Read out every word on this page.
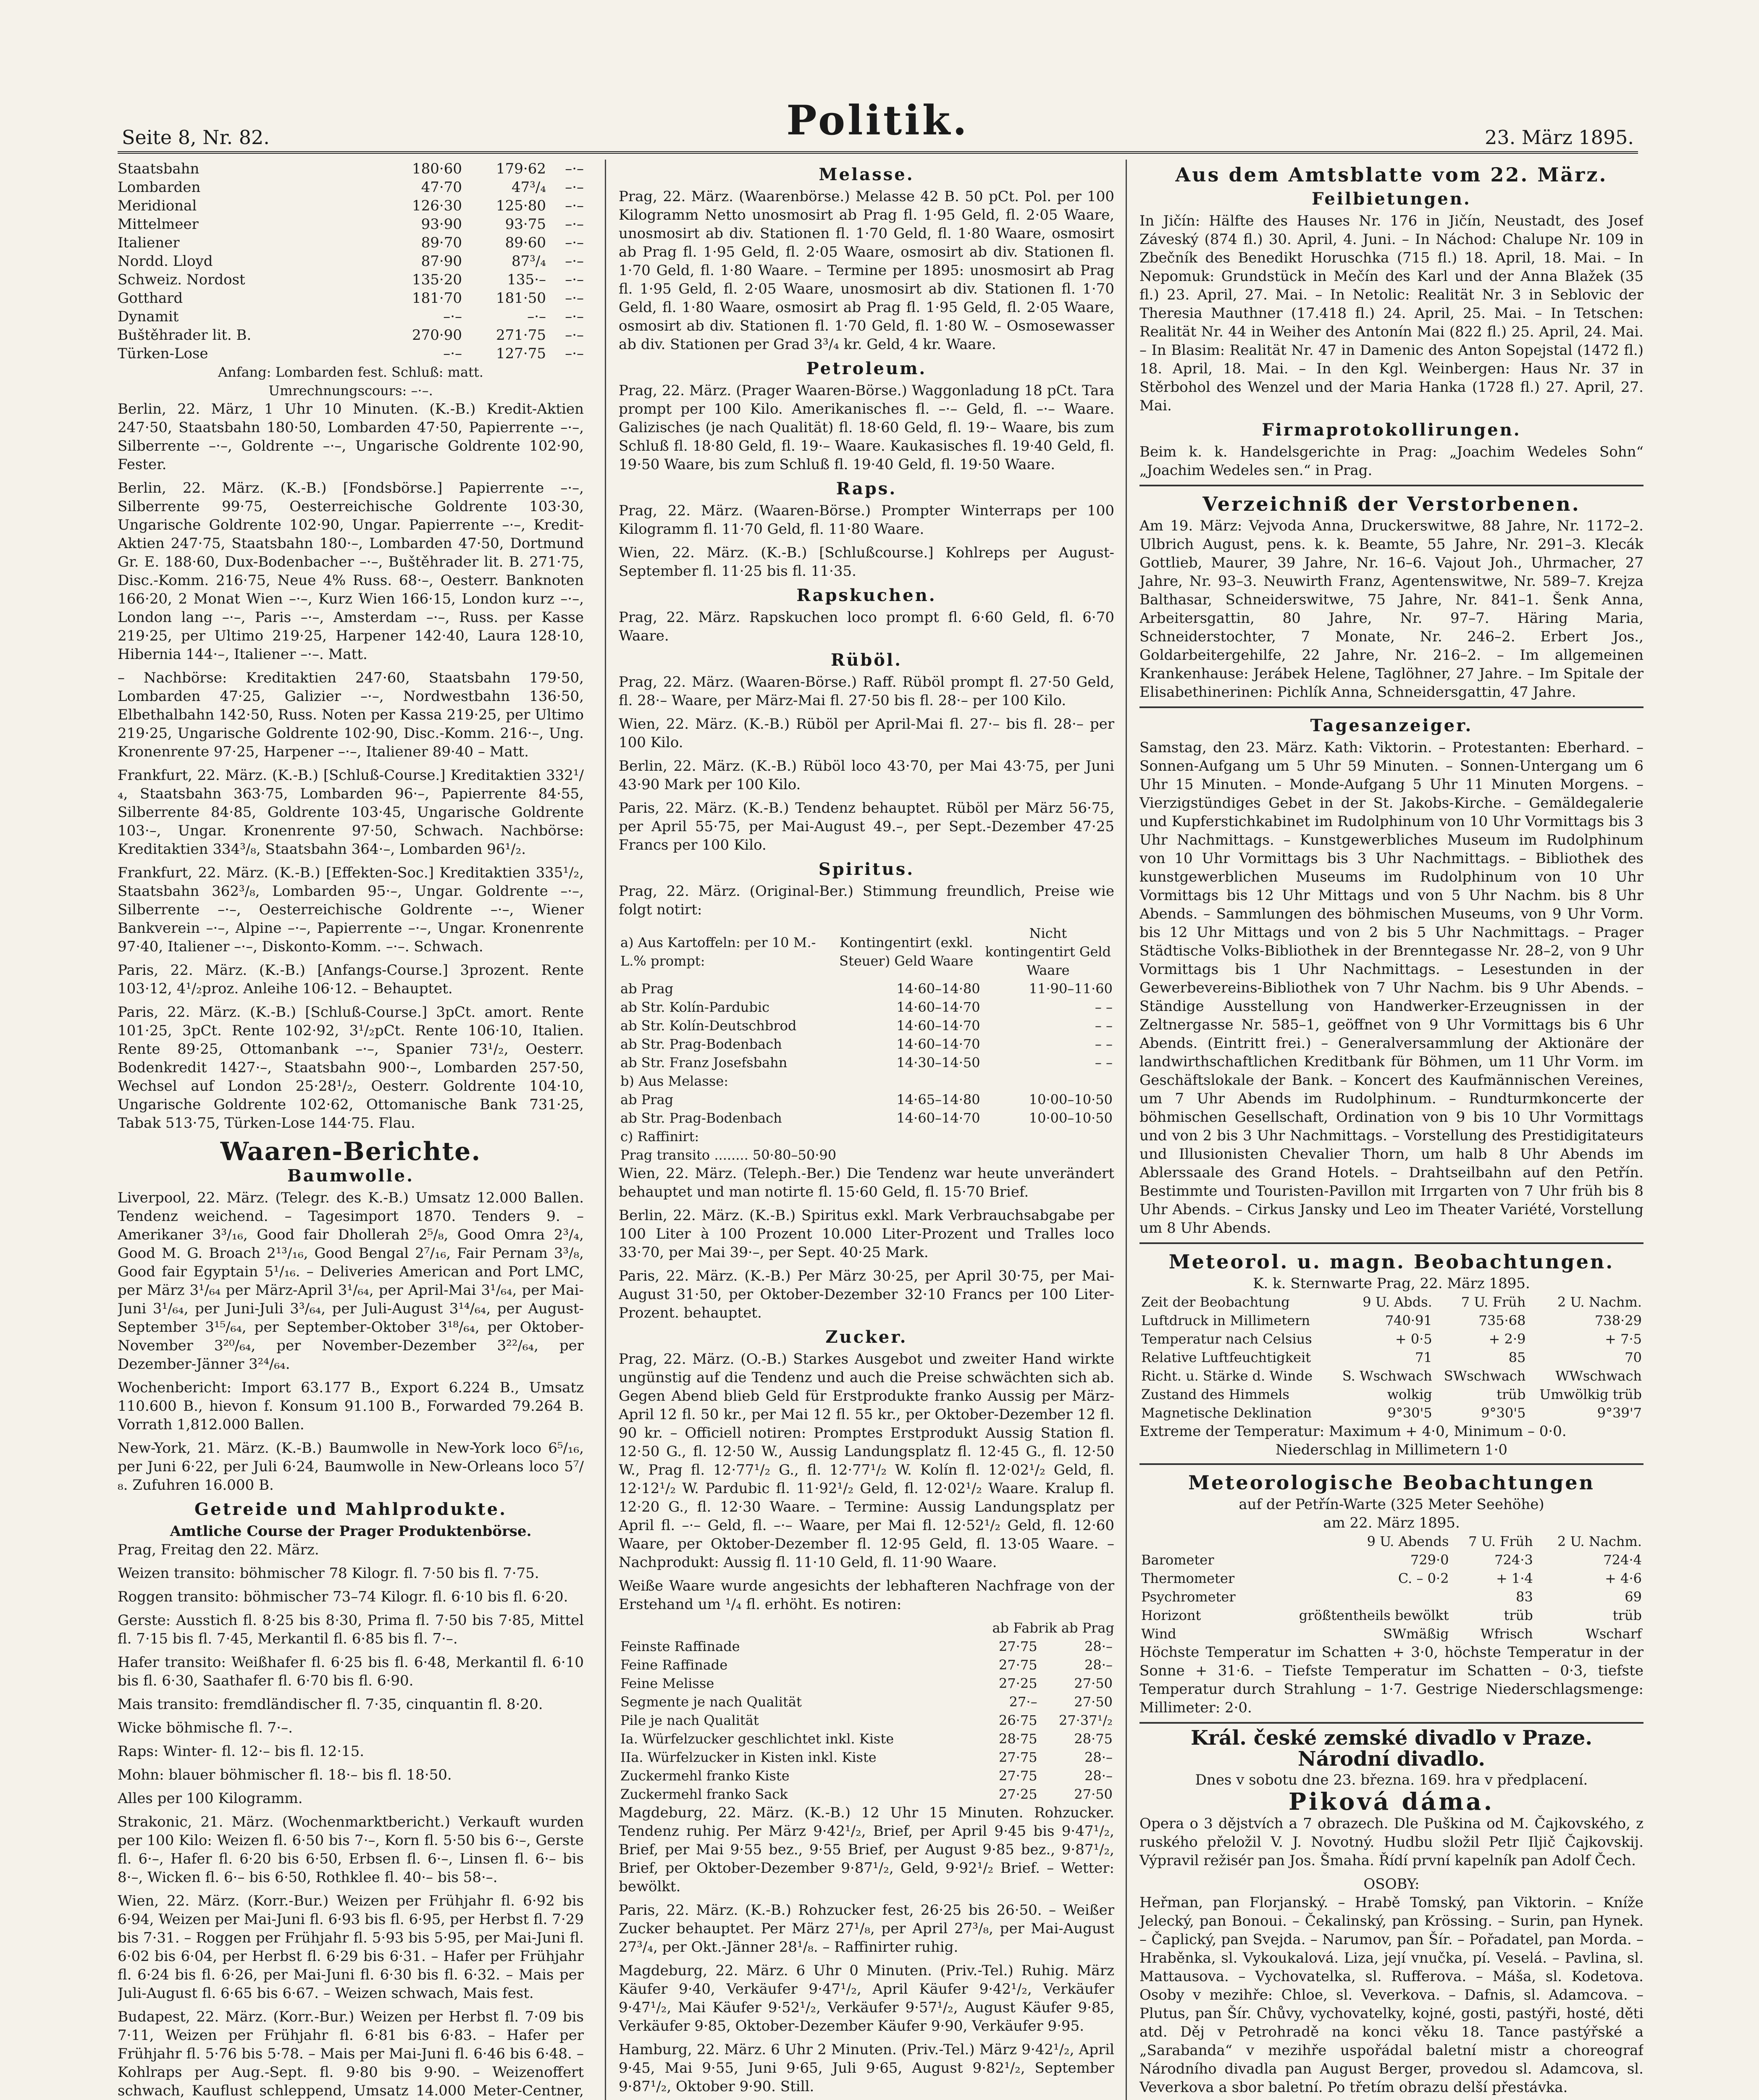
Seite 8, Nr. 82.	Politik.	23. März 1895.
Staatsbahn	180·60	179·62	–·–
Lombarden	47·70	47³/₄	–·–
Meridional	126·30	125·80	–·–
Mittelmeer	93·90	93·75	–·–
Italiener	89·70	89·60	–·–
Nordd. Lloyd	87·90	87³/₄	–·–
Schweiz. Nordost	135·20	135·–	–·–
Gotthard	181·70	181·50	–·–
Dynamit	–·–	–·–	–·–
Buštěhrader lit. B.	270·90	271·75	–·–
Türken-Lose	–·–	127·75	–·–
Anfang: Lombarden fest. Schluß: matt.
Umrechnungscours: –·–.

Berlin, 22. März, 1 Uhr 10 Minuten. (K.-B.) Kredit-Aktien 247·50, Staatsbahn 180·50, Lombarden 47·50, Papierrente –·–, Silberrente –·–, Goldrente –·–, Ungarische Goldrente 102·90, Fester.

Berlin, 22. März. (K.-B.) [Fondsbörse.] Papierrente –·–, Silberrente 99·75, Oesterreichische Goldrente 103·30, Ungarische Goldrente 102·90, Ungar. Papierrente –·–, Kredit-Aktien 247·75, Staatsbahn 180·–, Lombarden 47·50, Dortmund Gr. E. 188·60, Dux-Bodenbacher –·–, Buštěhrader lit. B. 271·75, Disc.-Komm. 216·75, Neue 4% Russ. 68·–, Oesterr. Banknoten 166·20, 2 Monat Wien –·–, Kurz Wien 166·15, London kurz –·–, London lang –·–, Paris –·–, Amsterdam –·–, Russ. per Kasse 219·25, per Ultimo 219·25, Harpener 142·40, Laura 128·10, Hibernia 144·–, Italiener –·–. Matt.

– Nachbörse: Kreditaktien 247·60, Staatsbahn 179·50, Lombarden 47·25, Galizier –·–, Nordwestbahn 136·50, Elbethalbahn 142·50, Russ. Noten per Kassa 219·25, per Ultimo 219·25, Ungarische Goldrente 102·90, Disc.-Komm. 216·–, Ung. Kronenrente 97·25, Harpener –·–, Italiener 89·40 – Matt.

Frankfurt, 22. März. (K.-B.) [Schluß-Course.] Kreditaktien 332¹/₄, Staatsbahn 363·75, Lombarden 96·–, Papierrente 84·55, Silberrente 84·85, Goldrente 103·45, Ungarische Goldrente 103·–, Ungar. Kronenrente 97·50, Schwach. Nachbörse: Kreditaktien 334³/₈, Staatsbahn 364·–, Lombarden 96¹/₂.

Frankfurt, 22. März. (K.-B.) [Effekten-Soc.] Kreditaktien 335¹/₂, Staatsbahn 362³/₈, Lombarden 95·–, Ungar. Goldrente –·–, Silberrente –·–, Oesterreichische Goldrente –·–, Wiener Bankverein –·–, Alpine –·–, Papierrente –·–, Ungar. Kronenrente 97·40, Italiener –·–, Diskonto-Komm. –·–. Schwach.

Paris, 22. März. (K.-B.) [Anfangs-Course.] 3prozent. Rente 103·12, 4¹/₂proz. Anleihe 106·12. – Behauptet.

Paris, 22. März. (K.-B.) [Schluß-Course.] 3pCt. amort. Rente 101·25, 3pCt. Rente 102·92, 3¹/₂pCt. Rente 106·10, Italien. Rente 89·25, Ottomanbank –·–, Spanier 73¹/₂, Oesterr. Bodenkredit 1427·–, Staatsbahn 900·–, Lombarden 257·50, Wechsel auf London 25·28¹/₂, Oesterr. Goldrente 104·10, Ungarische Goldrente 102·62, Ottomanische Bank 731·25, Tabak 513·75, Türken-Lose 144·75. Flau.

Waaren-Berichte.
Baumwolle.

Liverpool, 22. März. (Telegr. des K.-B.) Umsatz 12.000 Ballen. Tendenz weichend. – Tagesimport 1870. Tenders 9. – Amerikaner 3³/₁₆, Good fair Dhollerah 2⁵/₈, Good Omra 2³/₄, Good M. G. Broach 2¹³/₁₆, Good Bengal 2⁷/₁₆, Fair Pernam 3³/₈, Good fair Egyptain 5¹/₁₆. – Deliveries American and Port LMC, per März 3¹/₆₄ per März-April 3¹/₆₄, per April-Mai 3¹/₆₄, per Mai-Juni 3¹/₆₄, per Juni-Juli 3³/₆₄, per Juli-August 3¹⁴/₆₄, per August-September 3¹⁵/₆₄, per September-Oktober 3¹⁸/₆₄, per Oktober-November 3²⁰/₆₄, per November-Dezember 3²²/₆₄, per Dezember-Jänner 3²⁴/₆₄.

Wochenbericht: Import 63.177 B., Export 6.224 B., Umsatz 110.600 B., hievon f. Konsum 91.100 B., Forwarded 79.264 B. Vorrath 1,812.000 Ballen.

New-York, 21. März. (K.-B.) Baumwolle in New-York loco 6⁵/₁₆, per Juni 6·22, per Juli 6·24, Baumwolle in New-Orleans loco 5⁷/₈. Zufuhren 16.000 B.

Getreide und Mahlprodukte.
Amtliche Course der Prager Produktenbörse.

Prag, Freitag den 22. März.

Weizen transito: böhmischer 78 Kilogr. fl. 7·50 bis fl. 7·75.

Roggen transito: böhmischer 73–74 Kilogr. fl. 6·10 bis fl. 6·20.

Gerste: Ausstich fl. 8·25 bis 8·30, Prima fl. 7·50 bis 7·85, Mittel fl. 7·15 bis fl. 7·45, Merkantil fl. 6·85 bis fl. 7·–.

Hafer transito: Weißhafer fl. 6·25 bis fl. 6·48, Merkantil fl. 6·10 bis fl. 6·30, Saathafer fl. 6·70 bis fl. 6·90.

Mais transito: fremdländischer fl. 7·35, cinquantin fl. 8·20.

Wicke böhmische fl. 7·–.

Raps: Winter- fl. 12·– bis fl. 12·15.

Mohn: blauer böhmischer fl. 18·– bis fl. 18·50.

Alles per 100 Kilogramm.

Strakonic, 21. März. (Wochenmarktbericht.) Verkauft wurden per 100 Kilo: Weizen fl. 6·50 bis 7·–, Korn fl. 5·50 bis 6·–, Gerste fl. 6·–, Hafer fl. 6·20 bis 6·50, Erbsen fl. 6·–, Linsen fl. 6·– bis 8·–, Wicken fl. 6·– bis 6·50, Rothklee fl. 40·– bis 58·–.

Wien, 22. März. (Korr.-Bur.) Weizen per Frühjahr fl. 6·92 bis 6·94, Weizen per Mai-Juni fl. 6·93 bis fl. 6·95, per Herbst fl. 7·29 bis 7·31. – Roggen per Frühjahr fl. 5·93 bis 5·95, per Mai-Juni fl. 6·02 bis 6·04, per Herbst fl. 6·29 bis 6·31. – Hafer per Frühjahr fl. 6·24 bis fl. 6·26, per Mai-Juni fl. 6·30 bis fl. 6·32. – Mais per Juli-August fl. 6·65 bis 6·67. – Weizen schwach, Mais fest.

Budapest, 22. März. (Korr.-Bur.) Weizen per Herbst fl. 7·09 bis 7·11, Weizen per Frühjahr fl. 6·81 bis 6·83. – Hafer per Frühjahr fl. 5·76 bis 5·78. – Mais per Mai-Juni fl. 6·46 bis 6·48. – Kohlraps per Aug.-Sept. fl. 9·80 bis 9·90. – Weizenoffert schwach, Kauflust schleppend, Umsatz 14.000 Meter-Centner,

Melasse.

Prag, 22. März. (Waarenbörse.) Melasse 42 B. 50 pCt. Pol. per 100 Kilogramm Netto unosmosirt ab Prag fl. 1·95 Geld, fl. 2·05 Waare, unosmosirt ab div. Stationen fl. 1·70 Geld, fl. 1·80 Waare, osmosirt ab Prag fl. 1·95 Geld, fl. 2·05 Waare, osmosirt ab div. Stationen fl. 1·70 Geld, fl. 1·80 Waare. – Termine per 1895: unosmosirt ab Prag fl. 1·95 Geld, fl. 2·05 Waare, unosmosirt ab div. Stationen fl. 1·70 Geld, fl. 1·80 Waare, osmosirt ab Prag fl. 1·95 Geld, fl. 2·05 Waare, osmosirt ab div. Stationen fl. 1·70 Geld, fl. 1·80 W. – Osmosewasser ab div. Stationen per Grad 3³/₄ kr. Geld, 4 kr. Waare.

Petroleum.

Prag, 22. März. (Prager Waaren-Börse.) Waggonladung 18 pCt. Tara prompt per 100 Kilo. Amerikanisches fl. –·– Geld, fl. –·– Waare. Galizisches (je nach Qualität) fl. 18·60 Geld, fl. 19·– Waare, bis zum Schluß fl. 18·80 Geld, fl. 19·– Waare. Kaukasisches fl. 19·40 Geld, fl. 19·50 Waare, bis zum Schluß fl. 19·40 Geld, fl. 19·50 Waare.

Raps.

Prag, 22. März. (Waaren-Börse.) Prompter Winterraps per 100 Kilogramm fl. 11·70 Geld, fl. 11·80 Waare.

Wien, 22. März. (K.-B.) [Schlußcourse.] Kohlreps per August-September fl. 11·25 bis fl. 11·35.

Rapskuchen.

Prag, 22. März. Rapskuchen loco prompt fl. 6·60 Geld, fl. 6·70 Waare.

Rüböl.

Prag, 22. März. (Waaren-Börse.) Raff. Rüböl prompt fl. 27·50 Geld, fl. 28·– Waare, per März-Mai fl. 27·50 bis fl. 28·– per 100 Kilo.

Wien, 22. März. (K.-B.) Rüböl per April-Mai fl. 27·– bis fl. 28·– per 100 Kilo.

Berlin, 22. März. (K.-B.) Rüböl loco 43·70, per Mai 43·75, per Juni 43·90 Mark per 100 Kilo.

Paris, 22. März. (K.-B.) Tendenz behauptet. Rüböl per März 56·75, per April 55·75, per Mai-August 49.–, per Sept.-Dezember 47·25 Francs per 100 Kilo.

Spiritus.

Prag, 22. März. (Original-Ber.) Stimmung freundlich, Preise wie folgt notirt:

a) Aus Kartoffeln: per 10 M.-L.% prompt:	Kontingentirt (exkl. Steuer) Geld Waare	Nicht kontingentirt Geld Waare
ab Prag	14·60–14·80	11·90–11·60
ab Str. Kolín-Pardubic	14·60–14·70	– –
ab Str. Kolín-Deutschbrod	14·60–14·70	– –
ab Str. Prag-Bodenbach	14·60–14·70	– –
ab Str. Franz Josefsbahn	14·30–14·50	– –
b) Aus Melasse:		
ab Prag	14·65–14·80	10·00–10·50
ab Str. Prag-Bodenbach	14·60–14·70	10·00–10·50
c) Raffinirt:		
Prag transito ........ 50·80–50·90		

Wien, 22. März. (Teleph.-Ber.) Die Tendenz war heute unverändert behauptet und man notirte fl. 15·60 Geld, fl. 15·70 Brief.

Berlin, 22. März. (K.-B.) Spiritus exkl. Mark Verbrauchsabgabe per 100 Liter à 100 Prozent 10.000 Liter-Prozent und Tralles loco 33·70, per Mai 39·–, per Sept. 40·25 Mark.

Paris, 22. März. (K.-B.) Per März 30·25, per April 30·75, per Mai-August 31·50, per Oktober-Dezember 32·10 Francs per 100 Liter-Prozent. behauptet.

Zucker.

Prag, 22. März. (O.-B.) Starkes Ausgebot und zweiter Hand wirkte ungünstig auf die Tendenz und auch die Preise schwächten sich ab. Gegen Abend blieb Geld für Erstprodukte franko Aussig per März-April 12 fl. 50 kr., per Mai 12 fl. 55 kr., per Oktober-Dezember 12 fl. 90 kr. – Officiell notiren: Promptes Erstprodukt Aussig Station fl. 12·50 G., fl. 12·50 W., Aussig Landungsplatz fl. 12·45 G., fl. 12·50 W., Prag fl. 12·77¹/₂ G., fl. 12·77¹/₂ W. Kolín fl. 12·02¹/₂ Geld, fl. 12·12¹/₂ W. Pardubic fl. 11·92¹/₂ Geld, fl. 12·02¹/₂ Waare. Kralup fl. 12·20 G., fl. 12·30 Waare. – Termine: Aussig Landungsplatz per April fl. –·– Geld, fl. –·– Waare, per Mai fl. 12·52¹/₂ Geld, fl. 12·60 Waare, per Oktober-Dezember fl. 12·95 Geld, fl. 13·05 Waare. – Nachprodukt: Aussig fl. 11·10 Geld, fl. 11·90 Waare.

Weiße Waare wurde angesichts der lebhafteren Nachfrage von der Erstehand um ¹/₄ fl. erhöht. Es notiren:

ab Fabrik ab Prag
Feinste Raffinade	27·75	28·–
Feine Raffinade	27·75	28·–
Feine Melisse	27·25	27·50
Segmente je nach Qualität	27·–	27·50
Pile je nach Qualität	26·75	27·37¹/₂
Ia. Würfelzucker geschlichtet inkl. Kiste	28·75	28·75
IIa. Würfelzucker in Kisten inkl. Kiste	27·75	28·–
Zuckermehl franko Kiste	27·75	28·–
Zuckermehl franko Sack	27·25	27·50

Magdeburg, 22. März. (K.-B.) 12 Uhr 15 Minuten. Rohzucker. Tendenz ruhig. Per März 9·42¹/₂, Brief, per April 9·45 bis 9·47¹/₂, Brief, per Mai 9·55 bez., 9·55 Brief, per August 9·85 bez., 9·87¹/₂, Brief, per Oktober-Dezember 9·87¹/₂, Geld, 9·92¹/₂ Brief. – Wetter: bewölkt.

Paris, 22. März. (K.-B.) Rohzucker fest, 26·25 bis 26·50. – Weißer Zucker behauptet. Per März 27¹/₈, per April 27³/₈, per Mai-August 27³/₄, per Okt.-Jänner 28¹/₈. – Raffinirter ruhig.

Magdeburg, 22. März. 6 Uhr 0 Minuten. (Priv.-Tel.) Ruhig. März Käufer 9·40, Verkäufer 9·47¹/₂, April Käufer 9·42¹/₂, Verkäufer 9·47¹/₂, Mai Käufer 9·52¹/₂, Verkäufer 9·57¹/₂, August Käufer 9·85, Verkäufer 9·85, Oktober-Dezember Käufer 9·90, Verkäufer 9·95.

Hamburg, 22. März. 6 Uhr 2 Minuten. (Priv.-Tel.) März 9·42¹/₂, April 9·45, Mai 9·55, Juni 9·65, Juli 9·65, August 9·82¹/₂, September 9·87¹/₂, Oktober 9·90. Still.

Aus dem Amtsblatte vom 22. März.
Feilbietungen.

In Jičín: Hälfte des Hauses Nr. 176 in Jičín, Neustadt, des Josef Záveský (874 fl.) 30. April, 4. Juni. – In Náchod: Chalupe Nr. 109 in Zbečník des Benedikt Horuschka (715 fl.) 18. April, 18. Mai. – In Nepomuk: Grundstück in Mečín des Karl und der Anna Blažek (35 fl.) 23. April, 27. Mai. – In Netolic: Realität Nr. 3 in Seblovic der Theresia Mauthner (17.418 fl.) 24. April, 25. Mai. – In Tetschen: Realität Nr. 44 in Weiher des Antonín Mai (822 fl.) 25. April, 24. Mai. – In Blasim: Realität Nr. 47 in Damenic des Anton Sopejstal (1472 fl.) 18. April, 18. Mai. – In den Kgl. Weinbergen: Haus Nr. 37 in Stěrbohol des Wenzel und der Maria Hanka (1728 fl.) 27. April, 27. Mai.

Firmaprotokollirungen.

Beim k. k. Handelsgerichte in Prag: „Joachim Wedeles Sohn“ „Joachim Wedeles sen.“ in Prag.

Verzeichniß der Verstorbenen.

Am 19. März: Vejvoda Anna, Druckerswitwe, 88 Jahre, Nr. 1172–2. Ulbrich August, pens. k. k. Beamte, 55 Jahre, Nr. 291–3. Klecák Gottlieb, Maurer, 39 Jahre, Nr. 16–6. Vajout Joh., Uhrmacher, 27 Jahre, Nr. 93–3. Neuwirth Franz, Agentenswitwe, Nr. 589–7. Krejza Balthasar, Schneiderswitwe, 75 Jahre, Nr. 841–1. Šenk Anna, Arbeitersgattin, 80 Jahre, Nr. 97–7. Häring Maria, Schneiderstochter, 7 Monate, Nr. 246–2. Erbert Jos., Goldarbeitergehilfe, 22 Jahre, Nr. 216–2. – Im allgemeinen Krankenhause: Jerábek Helene, Taglöhner, 27 Jahre. – Im Spitale der Elisabethinerinen: Pichlík Anna, Schneidersgattin, 47 Jahre.

Tagesanzeiger.

Samstag, den 23. März. Kath: Viktorin. – Protestanten: Eberhard. – Sonnen-Aufgang um 5 Uhr 59 Minuten. – Sonnen-Untergang um 6 Uhr 15 Minuten. – Monde-Aufgang 5 Uhr 11 Minuten Morgens. – Vierzigstündiges Gebet in der St. Jakobs-Kirche. – Gemäldegalerie und Kupferstichkabinet im Rudolphinum von 10 Uhr Vormittags bis 3 Uhr Nachmittags. – Kunstgewerbliches Museum im Rudolphinum von 10 Uhr Vormittags bis 3 Uhr Nachmittags. – Bibliothek des kunstgewerblichen Museums im Rudolphinum von 10 Uhr Vormittags bis 12 Uhr Mittags und von 5 Uhr Nachm. bis 8 Uhr Abends. – Sammlungen des böhmischen Museums, von 9 Uhr Vorm. bis 12 Uhr Mittags und von 2 bis 5 Uhr Nachmittags. – Prager Städtische Volks-Bibliothek in der Brenntegasse Nr. 28–2, von 9 Uhr Vormittags bis 1 Uhr Nachmittags. – Lesestunden in der Gewerbevereins-Bibliothek von 7 Uhr Nachm. bis 9 Uhr Abends. – Ständige Ausstellung von Handwerker-Erzeugnissen in der Zeltnergasse Nr. 585–1, geöffnet von 9 Uhr Vormittags bis 6 Uhr Abends. (Eintritt frei.) – Generalversammlung der Aktionäre der landwirthschaftlichen Kreditbank für Böhmen, um 11 Uhr Vorm. im Geschäftslokale der Bank. – Koncert des Kaufmännischen Vereines, um 7 Uhr Abends im Rudolphinum. – Rundturmkoncerte der böhmischen Gesellschaft, Ordination von 9 bis 10 Uhr Vormittags und von 2 bis 3 Uhr Nachmittags. – Vorstellung des Prestidigitateurs und Illusionisten Chevalier Thorn, um halb 8 Uhr Abends im Ablerssaale des Grand Hotels. – Drahtseilbahn auf den Petřín. Bestimmte und Touristen-Pavillon mit Irrgarten von 7 Uhr früh bis 8 Uhr Abends. – Cirkus Jansky und Leo im Theater Variété, Vorstellung um 8 Uhr Abends.

Meteorol. u. magn. Beobachtungen.
K. k. Sternwarte Prag, 22. März 1895.
Zeit der Beobachtung	9 U. Abds.	7 U. Früh	2 U. Nachm.
Luftdruck in Millimetern	740·91	735·68	738·29
Temperatur nach Celsius	+ 0·5	+ 2·9	+ 7·5
Relative Luftfeuchtigkeit	71	85	70
Richt. u. Stärke d. Winde	S. Wschwach	SWschwach	WWschwach
Zustand des Himmels	wolkig	trüb	Umwölkig trüb
Magnetische Deklination	9°30'5	9°30'5	9°39'7
Extreme der Temperatur: Maximum + 4·0, Minimum – 0·0.
Niederschlag in Millimetern 1·0
Meteorologische Beobachtungen
auf der Petřín-Warte (325 Meter Seehöhe)
am 22. März 1895.
	9 U. Abends	7 U. Früh	2 U. Nachm.
Barometer	729·0	724·3	724·4
Thermometer	C. – 0·2	+ 1·4	+ 4·6
Psychrometer		83	69
Horizont	größtentheils bewölkt	trüb	trüb
Wind	SWmäßig	Wfrisch	Wscharf

Höchste Temperatur im Schatten + 3·0, höchste Temperatur in der Sonne + 31·6. – Tiefste Temperatur im Schatten – 0·3, tiefste Temperatur durch Strahlung – 1·7. Gestrige Niederschlagsmenge: Millimeter: 2·0.

Král. české zemské divadlo v Praze.
Národní divadlo.
Dnes v sobotu dne 23. března. 169. hra v předplacení.
Piková dáma.

Opera o 3 dějstvích a 7 obrazech. Dle Puškina od M. Čajkovského, z ruského přeložil V. J. Novotný. Hudbu složil Petr Iljič Čajkovskij. Výpravil režisér pan Jos. Šmaha. Řídí první kapelník pan Adolf Čech.

OSOBY:

Heřman, pan Florjanský. – Hrabě Tomský, pan Viktorin. – Kníže Jelecký, pan Bonoui. – Čekalinský, pan Krössing. – Surin, pan Hynek. – Čaplický, pan Svejda. – Narumov, pan Šír. – Pořadatel, pan Morda. – Hraběnka, sl. Vykoukalová. Liza, její vnučka, pí. Veselá. – Pavlina, sl. Mattausova. – Vychovatelka, sl. Rufferova. – Máša, sl. Kodetova. Osoby v mezihře: Chloe, sl. Veverkova. – Dafnis, sl. Adamcova. – Plutus, pan Šír. Chůvy, vychovatelky, kojné, gosti, pastýři, hosté, děti atd. Děj v Petrohradě na konci věku 18. Tance pastýřské a „Sarabanda“ v mezihře uspořádal baletní mistr a choreograf Národního divadla pan August Berger, provedou sl. Adamcova, sl. Veverkova a sbor baletní. Po třetím obrazu delší přestávka.
